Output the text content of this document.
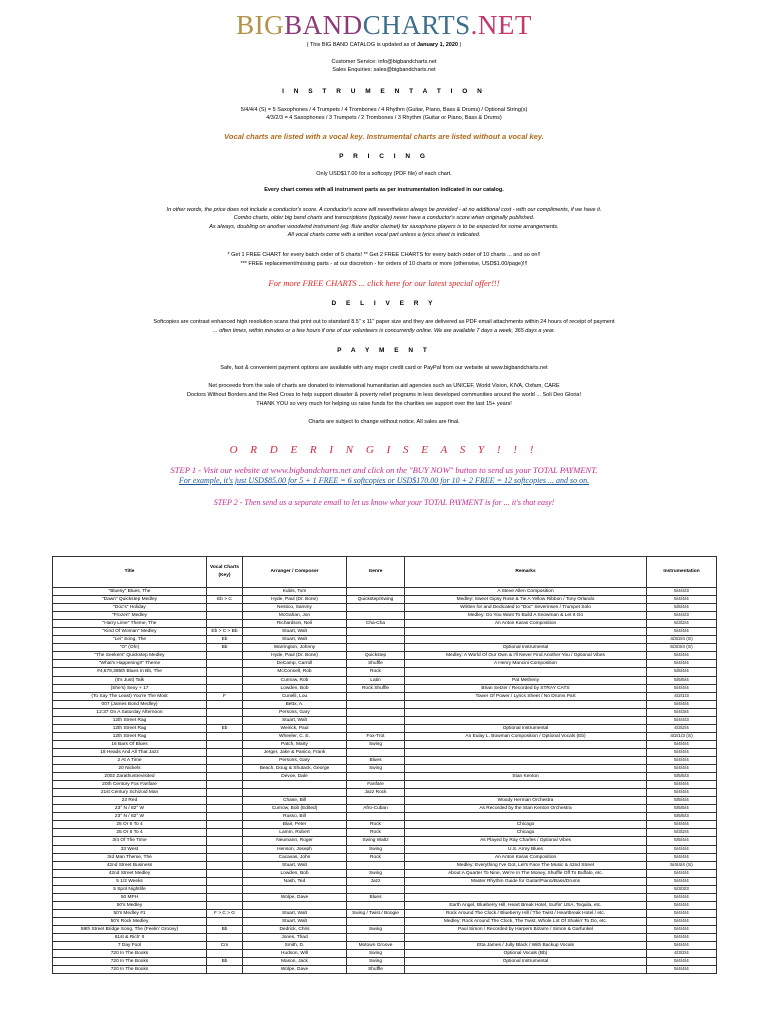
BIGBANDCHARTS.NET
( This BIG BAND CATALOG is updated as of January 1, 2020 )
Customer Service: info@bigbandcharts.net
Sales Enquiries: sales@bigbandcharts.net
I N S T R U M E N T A T I O N
5/4/4/4 (S) = 5 Saxophones / 4 Trumpets / 4 Trombones / 4 Rhythm (Guitar, Piano, Bass & Drums) / Optional String(s)
4/3/2/3 = 4 Saxophones / 3 Trumpets / 2 Trombones / 3 Rhythm (Guitar or Piano, Bass & Drums)
Vocal charts are listed with a vocal key. Instrumental charts are listed without a vocal key.
P R I C I N G
Only USD$17.00 for a softcopy (PDF file) of each chart.
Every chart comes with all instrument parts as per instrumentation indicated in our catalog.
In other words, the price does not include a conductor's score. A conductor's score will nevertheless always be provided - at no additional cost - with our compliments, if we have it.
Combo charts, older big band charts and transcriptions (typically) never have a conductor's score when originally published.
As always, doubling on another woodwind instrument (eg. flute and/or clarinet) for saxophone players is to be expected for some arrangements.
All vocal charts come with a written vocal part unless a lyrics sheet is indicated.
* Get 1 FREE CHART for every batch order of 5 charts! ** Get 2 FREE CHARTS for every batch order of 10 charts ... and so on!!
*** FREE replacement/missing parts - at our discretion - for orders of 10 charts or more (otherwise, USD$1.00/page)!!!
For more FREE CHARTS ... click here for our latest special offer!!!
D E L I V E R Y
Softcopies are contrast enhanced high resolution scans that print out to standard 8.5" x 11" paper size and they are delivered as PDF email attachments within 24 hours of receipt of payment
... often times, within minutes or a few hours if one of our volunteers is concurrently online. We are available 7 days a week, 365 days a year.
P A Y M E N T
Safe, fast & convenient payment options are available with any major credit card or PayPal from our website at www.bigbandcharts.net
Net proceeds from the sale of charts are donated to international humanitarian aid agencies such as UNICEF, World Vision, KIVA, Oxfam, CARE
Doctors Without Borders and the Red Cross to help support disaster & poverty relief programs in less developed communities around the world ... Soli Deo Gloria!
THANK YOU so very much for helping us raise funds for the charities we support over the last 15+ years!
Charts are subject to change without notice. All sales are final.
O R D E R I N G I S E A S Y ! ! !
STEP 1 - Visit our website at www.bigbandcharts.net and click on the "BUY NOW" button to send us your TOTAL PAYMENT.
For example, it's just USD$85.00 for 5 + 1 FREE = 6 softcopies or USD$170.00 for 10 + 2 FREE = 12 softcopies ... and so on.
STEP 2 - Then send us a separate email to let us know what your TOTAL PAYMENT is for ... it's that easy!
Title	Vocal Charts (Key)	Arranger / Composer	Genre	Remarks	Instrumentation
"Bluesy" Blues, The		Kubis, Tom		A Steve Allen Composition	5/4/4/3
"Dawn" Quickstep Medley	Eb > C	Hyde, Paul (Dr. Bone)	Quickstep/Swing	Medley: Sweet Gipsy Rose & Tie A Yellow Ribbon / Tony Orlando	5/4/4/4
"Doc's" Holiday		Nestico, Sammy		Written for and Dedicated to "Doc" Severinsen / Trumpet Solo	5/5/4/4
"Frozen" Medley		McGahan, Jon		Medley: Do You Want To Build A Snowman & Let It Go	5/4/4/3
"Harry Lime" Theme, The		Richardson, Neil	Cha-Cha	An Anton Karas Composition	5/3/2/4
"Kind Of Woman" Medley	Eb > C > Bb	Stuart, Walt			5/4/4/4
"Lei" Song, The	Eb	Stuart, Walt			4/3/2/4 (S)
"O" (Oh!)	Bb	Warrington, Johnny		Optional Instrumental	5/3/3/4 (S)
"The Seekers" Quickstep Medley		Hyde, Paul (Dr. Bone)	Quickstep	Medley: A World Of Our Own & I'll Never Find Another You / Optional Vibes	5/4/4/4
"What's Happening!!" Theme		DeCamp, Carroll	Shuffle	A Henry Mancini Composition	5/4/4/4
#4,679,385th Blues In Bb, The		McConnell, Rob	Rock		5/5/4/4
(It's Just) Talk		Curnow, Rob	Latin	Pat Metheny	5/5/5/4
(She's) Sexy + 17		Lowden, Bob	Rock Shuffle	Brian Setzer / Recorded by STRAY CATS	5/4/4/4
(To Say The Least) You're The Most	F	Cunelli, Lou		Tower Of Power / Lyrics Sheet / No Drums Part	4/2/1/3
007 (James Bond Medley)		Bettx, A.			5/4/4/4
12:37 On A Saturday Afternoon		Persons, Gary			5/4/3/4
12th Street Rag		Stuart, Walt			5/4/4/3
12th Street Rag	Eb	Weirick, Paul		Optional Instrumental	4/3/2/4
12th Street Rag		Wheeler, C. E.	Fox-Trot	An Eulay L. Bowman Composition / Optional Vocals (Eb)	4/2/1/3 (S)
16 Bars Of Blues		Patch, Marty	Swing		5/4/4/4
18 Heads And All That Jazz		Jerger, Jake & Panico, Frank			5/4/4/4
2 At A Time		Persons, Gary	Blues		5/4/4/4
20 Nickels		Beach, Doug & Shutack, George	Swing		5/4/4/4
2002 Zarathustrevisited		Devoe, Dale		Stan Kenton	5/5/5/3
20th Century Fox Fanfare			Fanfare		5/4/4/4
21st Century Schizoid Man			Jazz Rock		5/4/4/4
23 Red		Chase, Bill		Woody Herman Orchestra	5/5/4/4
23° N / 82° W		Curnow, Bob (Edited)	Afro-Cuban	As Recorded by the Stan Kenton Orchestra	5/5/5/4
23° N / 82° W		Russo, Bill			5/5/5/3
25 Or 6 To 4		Blair, Peter	Rock	Chicago	5/4/4/4
25 Or 6 To 4		Lamm, Robert	Rock	Chicago	5/3/2/4
3/4 Of The Time		Neumann, Roger	Swing Waltz	As Played by Ray Charles / Optional Vibes	5/5/4/4
33 West		Henson, Joseph	Swing	U.S. Army Blues	5/4/4/4
3rd Man Theme, The		Cacavas, John	Rock	An Anton Karas Composition	5/4/4/4
42nd Street Business		Stuart, Walt		Medley: Everything I've Got, Let's Face The Music & 42nd Street	5/4/4/4 (S)
42nd Street Medley		Lowden, Bob	Swing	About A Quarter To Nine, We're In The Money, Shuffle Off To Buffalo, etc.	5/4/4/4
5 1/2 Weeks		Nash, Ted	Jazz	Master Rhythm Guide for Guitar/Piano/Bass/Drums	5/4/4/4
5 Spot Nightlife					5/3/3/3
50 MPH		Wolpe, Dave	Blues		5/4/4/4
50's Medley				Earth Angel, Blueberry Hill, Heart Break Hotel, Surfin' USA, Tequila, etc.	5/4/4/4
50's Medley #1	F > C > G	Stuart, Walt	Swing / Twist / Boogie	Rock Around The Clock / Blueberry Hill / The Twist / Heartbreak Hotel / etc.	5/4/4/4
50's Rock Medley		Stuart, Walt		Medley: Rock Around The Clock, The Twist, Whole Lot Of Shakin' To Do, etc.	5/4/4/4
59th Street Bridge Song, The (Feelin' Groovy)	Bb	Dedrick, Chris	Swing	Paul Simon / Recorded by Harpers Bizarre / Simon & Garfunkel	5/4/4/4
61st & Rich' It		Jones, Thad			5/4/4/4
7 Day Fool	Cm	Smith, D.	Motown Groove	Etta James / Jully Black / With Backup Vocals	5/4/4/4
720 In The Books		Hudson, Will	Swing	Optional Vocals (Bb)	4/3/2/4
720 In The Books	Bb	Mason, Jack	Swing	Optional Instrumental	5/4/4/4
720 In The Books		Wolpe, Dave	Shuffle		5/4/4/4
